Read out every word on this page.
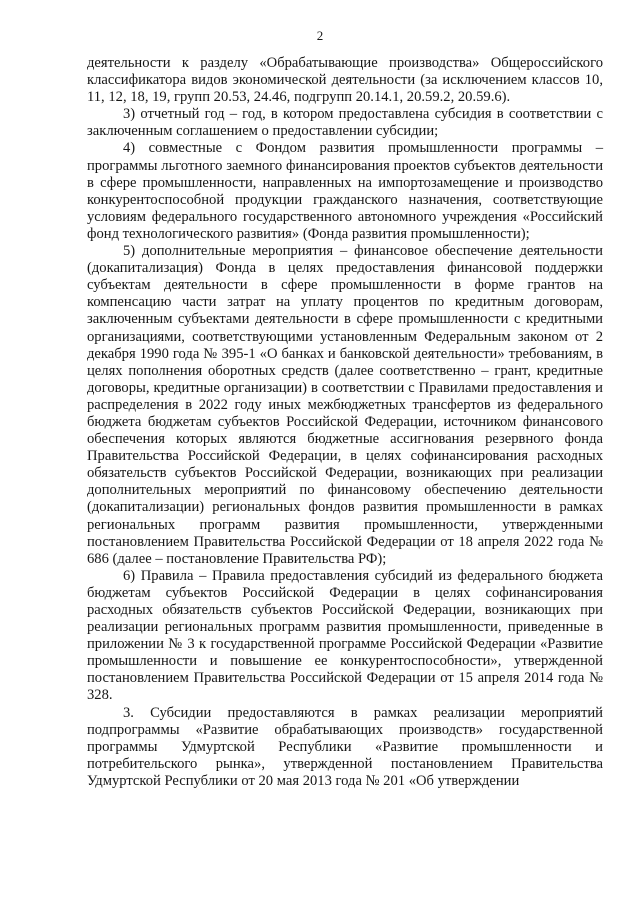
2

деятельности к разделу «Обрабатывающие производства» Общероссийского классификатора видов экономической деятельности (за исключением классов 10, 11, 12, 18, 19, групп 20.53, 24.46, подгрупп 20.14.1, 20.59.2, 20.59.6).

3) отчетный год – год, в котором предоставлена субсидия в соответствии с заключенным соглашением о предоставлении субсидии;

4) совместные с Фондом развития промышленности программы – программы льготного заемного финансирования проектов субъектов деятельности в сфере промышленности, направленных на импортозамещение и производство конкурентоспособной продукции гражданского назначения, соответствующие условиям федерального государственного автономного учреждения «Российский фонд технологического развития» (Фонда развития промышленности);

5) дополнительные мероприятия – финансовое обеспечение деятельности (докапитализация) Фонда в целях предоставления финансовой поддержки субъектам деятельности в сфере промышленности в форме грантов на компенсацию части затрат на уплату процентов по кредитным договорам, заключенным субъектами деятельности в сфере промышленности с кредитными организациями, соответствующими установленным Федеральным законом от 2 декабря 1990 года № 395-1 «О банках и банковской деятельности» требованиям, в целях пополнения оборотных средств (далее соответственно – грант, кредитные договоры, кредитные организации) в соответствии с Правилами предоставления и распределения в 2022 году иных межбюджетных трансфертов из федерального бюджета бюджетам субъектов Российской Федерации, источником финансового обеспечения которых являются бюджетные ассигнования резервного фонда Правительства Российской Федерации, в целях софинансирования расходных обязательств субъектов Российской Федерации, возникающих при реализации дополнительных мероприятий по финансовому обеспечению деятельности (докапитализации) региональных фондов развития промышленности в рамках региональных программ развития промышленности, утвержденными постановлением Правительства Российской Федерации от 18 апреля 2022 года № 686 (далее – постановление Правительства РФ);

6) Правила – Правила предоставления субсидий из федерального бюджета бюджетам субъектов Российской Федерации в целях софинансирования расходных обязательств субъектов Российской Федерации, возникающих при реализации региональных программ развития промышленности, приведенные в приложении № 3 к государственной программе Российской Федерации «Развитие промышленности и повышение ее конкурентоспособности», утвержденной постановлением Правительства Российской Федерации от 15 апреля 2014 года № 328.

3. Субсидии предоставляются в рамках реализации мероприятий подпрограммы «Развитие обрабатывающих производств» государственной программы Удмуртской Республики «Развитие промышленности и потребительского рынка», утвержденной постановлением Правительства Удмуртской Республики от 20 мая 2013 года № 201 «Об утверждении
